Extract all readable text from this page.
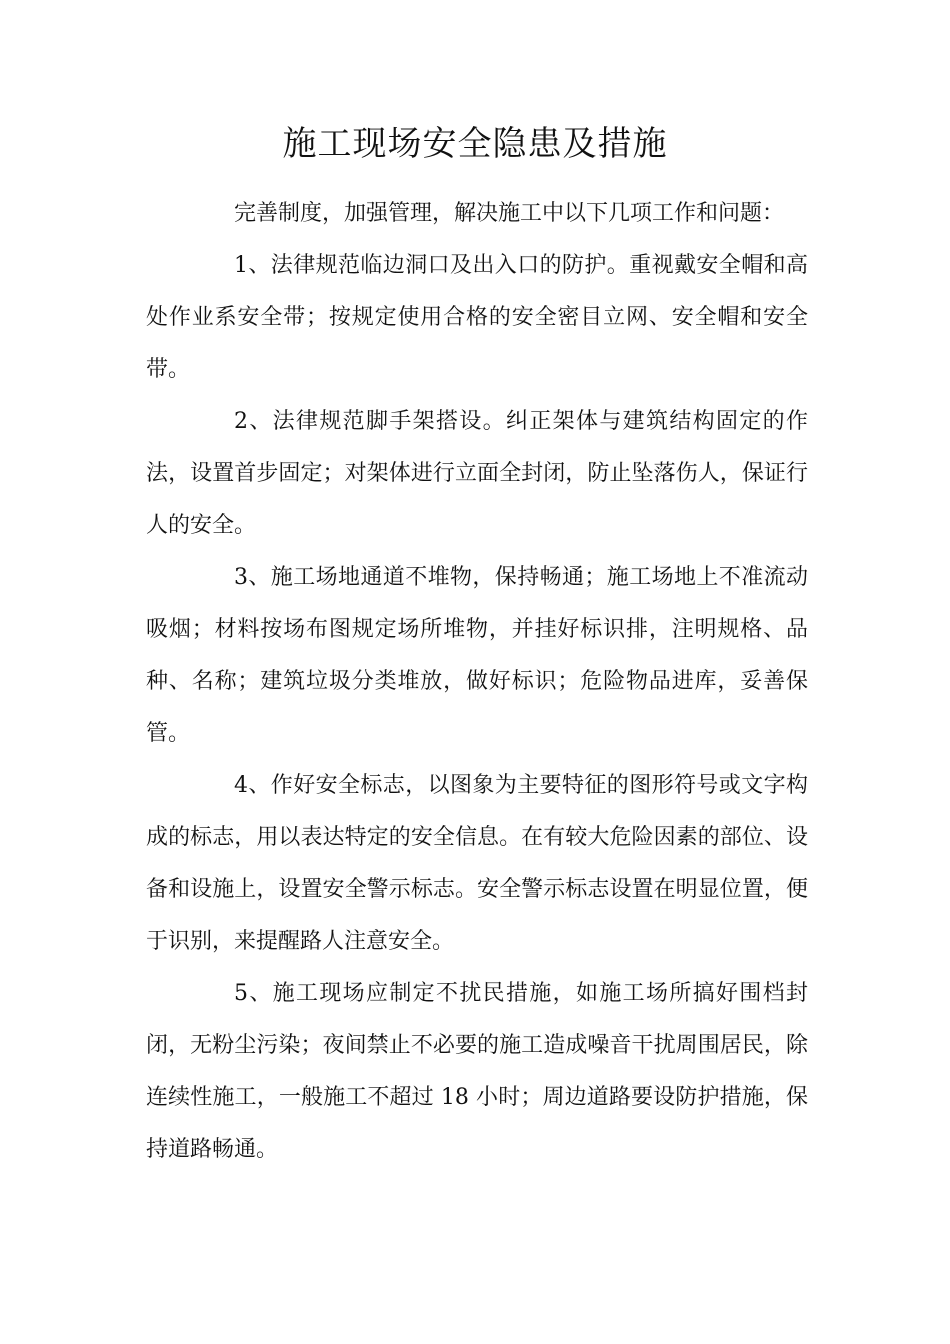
施工现场安全隐患及措施

完善制度，加强管理，解决施工中以下几项工作和问题：

1、法律规范临边洞口及出入口的防护。重视戴安全帽和高处作业系安全带；按规定使用合格的安全密目立网、安全帽和安全带。

2、法律规范脚手架搭设。纠正架体与建筑结构固定的作法，设置首步固定；对架体进行立面全封闭，防止坠落伤人，保证行人的安全。

3、施工场地通道不堆物，保持畅通；施工场地上不准流动吸烟；材料按场布图规定场所堆物，并挂好标识排，注明规格、品种、名称；建筑垃圾分类堆放，做好标识；危险物品进库，妥善保管。

4、作好安全标志，以图象为主要特征的图形符号或文字构成的标志，用以表达特定的安全信息。在有较大危险因素的部位、设备和设施上，设置安全警示标志。安全警示标志设置在明显位置，便于识别，来提醒路人注意安全。

5、施工现场应制定不扰民措施，如施工场所搞好围档封闭，无粉尘污染；夜间禁止不必要的施工造成噪音干扰周围居民，除连续性施工，一般施工不超过 18 小时；周边道路要设防护措施，保持道路畅通。
